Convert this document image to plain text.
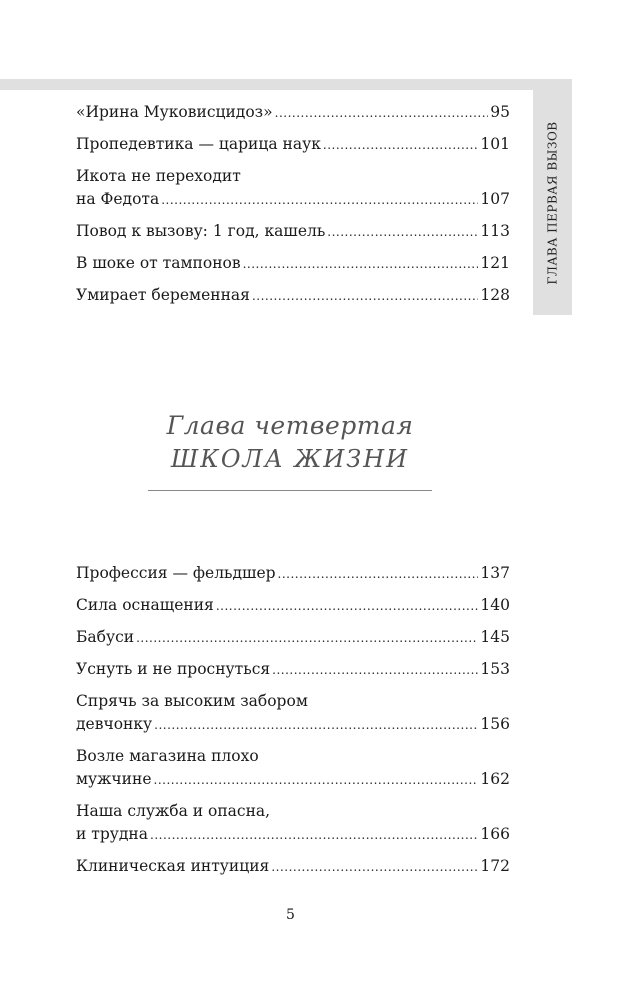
ГЛАВА ПЕРВАЯ ВЫЗОВ
«Ирина Муковисцидоз» .....	95
Пропедевтика — царица наук .....	101
Икота не переходит
на Федота .....	107
Повод к вызову: 1 год, кашель .....	113
В шоке от тампонов .....	121
Умирает беременная .....	128
Глава четвертая
ШКОЛА ЖИЗНИ
Профессия — фельдшер .....	137
Сила оснащения .....	140
Бабуси .....	145
Уснуть и не проснуться .....	153
Спрячь за высоким забором
девчонку .....	156
Возле магазина плохо
мужчине .....	162
Наша служба и опасна,
и трудна .....	166
Клиническая интуиция .....	172
5
